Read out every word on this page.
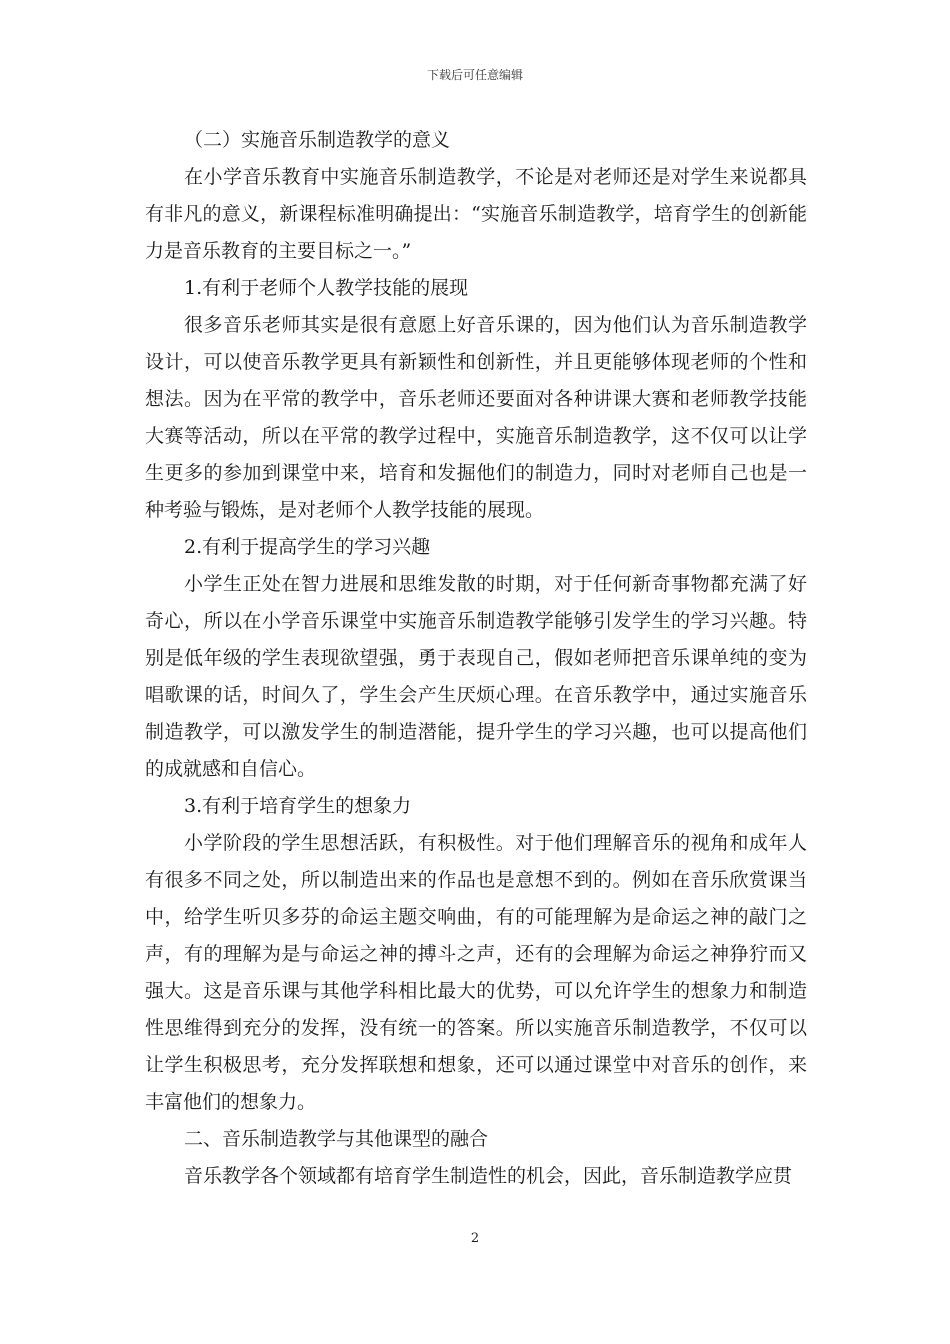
下载后可任意编辑

（二）实施音乐制造教学的意义

在小学音乐教育中实施音乐制造教学，不论是对老师还是对学生来说都具有非凡的意义，新课程标准明确提出：“实施音乐制造教学，培育学生的创新能力是音乐教育的主要目标之一。”

1.有利于老师个人教学技能的展现

很多音乐老师其实是很有意愿上好音乐课的，因为他们认为音乐制造教学设计，可以使音乐教学更具有新颖性和创新性，并且更能够体现老师的个性和想法。因为在平常的教学中，音乐老师还要面对各种讲课大赛和老师教学技能大赛等活动，所以在平常的教学过程中，实施音乐制造教学，这不仅可以让学生更多的参加到课堂中来，培育和发掘他们的制造力，同时对老师自己也是一种考验与锻炼，是对老师个人教学技能的展现。

2.有利于提高学生的学习兴趣

小学生正处在智力进展和思维发散的时期，对于任何新奇事物都充满了好奇心，所以在小学音乐课堂中实施音乐制造教学能够引发学生的学习兴趣。特别是低年级的学生表现欲望强，勇于表现自己，假如老师把音乐课单纯的变为唱歌课的话，时间久了，学生会产生厌烦心理。在音乐教学中，通过实施音乐制造教学，可以激发学生的制造潜能，提升学生的学习兴趣，也可以提高他们的成就感和自信心。

3.有利于培育学生的想象力

小学阶段的学生思想活跃，有积极性。对于他们理解音乐的视角和成年人有很多不同之处，所以制造出来的作品也是意想不到的。例如在音乐欣赏课当中，给学生听贝多芬的命运主题交响曲，有的可能理解为是命运之神的敲门之声，有的理解为是与命运之神的搏斗之声，还有的会理解为命运之神狰狞而又强大。这是音乐课与其他学科相比最大的优势，可以允许学生的想象力和制造性思维得到充分的发挥，没有统一的答案。所以实施音乐制造教学，不仅可以让学生积极思考，充分发挥联想和想象，还可以通过课堂中对音乐的创作，来丰富他们的想象力。

二、音乐制造教学与其他课型的融合

音乐教学各个领域都有培育学生制造性的机会，因此，音乐制造教学应贯

2
